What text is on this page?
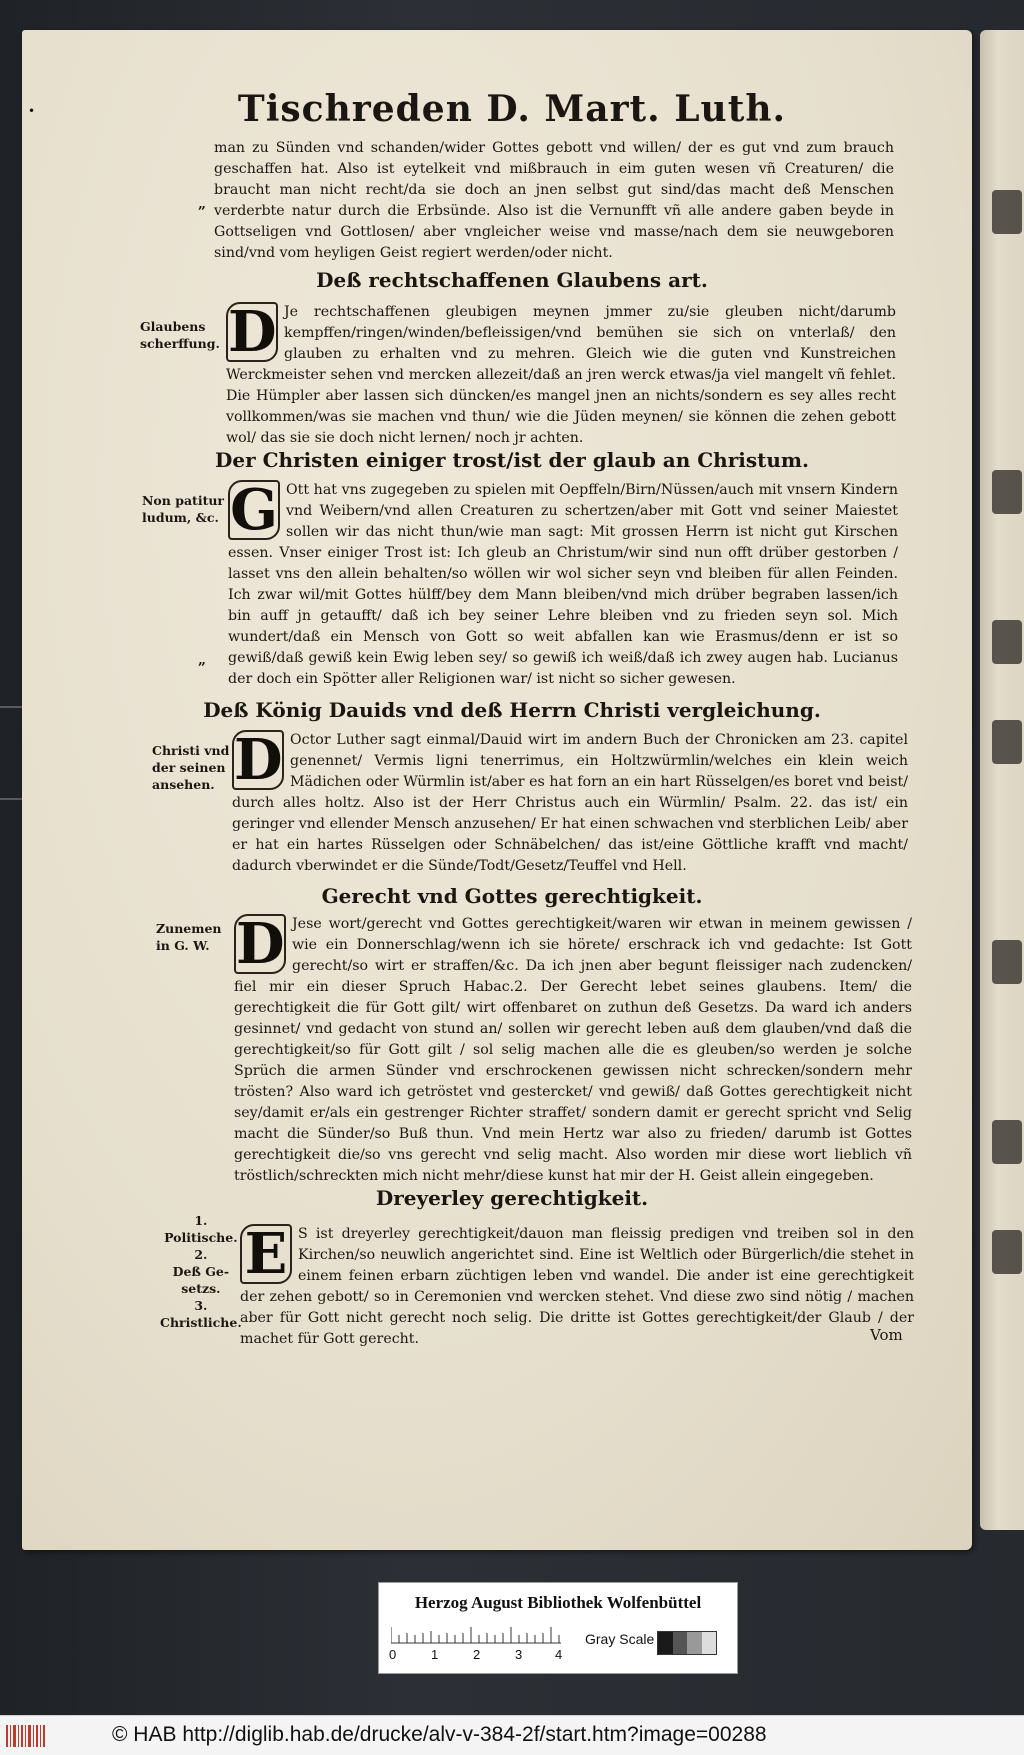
•	Tischreden D. Mart. Luth.
man zu Sünden vnd schanden/wider Gottes gebott vnd willen/ der es gut vnd zum brauch geschaffen hat. Also ist eytelkeit vnd mißbrauch in eim guten wesen vñ Creaturen/ die braucht man nicht recht/da sie doch an jnen selbst gut sind/das macht deß Menschen verderbte natur durch die Erbsünde. Also ist die Vernunfft vñ alle andere gaben beyde in Gottseligen vnd Gottlosen/ aber vngleicher weise vnd masse/nach dem sie neuwgeboren sind/vnd vom heyligen Geist regiert werden/oder nicht.
„
Deß rechtschaffenen Glaubens art.
Glaubens
scherffung. D Je rechtschaffenen gleubigen meynen jmmer zu/sie gleuben nicht/darumb kempffen/ringen/winden/befleissigen/vnd bemühen sie sich on vnterlaß/ den glauben zu erhalten vnd zu mehren. Gleich wie die guten vnd Kunstreichen Werckmeister sehen vnd mercken allezeit/daß an jren werck etwas/ja viel mangelt vñ fehlet. Die Hümpler aber lassen sich düncken/es mangel jnen an nichts/sondern es sey alles recht vollkommen/was sie machen vnd thun/ wie die Jüden meynen/ sie können die zehen gebott wol/ das sie sie doch nicht lernen/ noch jr achten.
Der Christen einiger trost/ist der glaub an Christum.
Non patitur
ludum, &c. G Ott hat vns zugegeben zu spielen mit Oepffeln/Birn/Nüssen/auch mit vnsern Kindern vnd Weibern/vnd allen Creaturen zu schertzen/aber mit Gott vnd seiner Maiestet sollen wir das nicht thun/wie man sagt: Mit grossen Herrn ist nicht gut Kirschen essen. Vnser einiger Trost ist: Ich gleub an Christum/wir sind nun offt drüber gestorben / lasset vns den allein behalten/so wöllen wir wol sicher seyn vnd bleiben für allen Feinden. Ich zwar wil/mit Gottes hülff/bey dem Mann bleiben/vnd mich drüber begraben lassen/ich bin auff jn getaufft/ daß ich bey seiner Lehre bleiben vnd zu frieden seyn sol. Mich wundert/daß ein Mensch von Gott so weit abfallen kan wie Erasmus/denn er ist so gewiß/daß gewiß kein Ewig leben sey/ so gewiß ich weiß/daß ich zwey augen hab. Lucianus der doch ein Spötter aller Religionen war/ ist nicht so sicher gewesen.
„
Deß König Dauids vnd deß Herrn Christi vergleichung.
Christi vnd
der seinen
ansehen. D Octor Luther sagt einmal/Dauid wirt im andern Buch der Chronicken am 23. capitel genennet/ Vermis ligni tenerrimus, ein Holtzwürmlin/welches ein klein weich Mädichen oder Würmlin ist/aber es hat forn an ein hart Rüsselgen/es boret vnd beist/ durch alles holtz. Also ist der Herr Christus auch ein Würmlin/ Psalm. 22. das ist/ ein geringer vnd ellender Mensch anzusehen/ Er hat einen schwachen vnd sterblichen Leib/ aber er hat ein hartes Rüsselgen oder Schnäbelchen/ das ist/eine Göttliche krafft vnd macht/ dadurch vberwindet er die Sünde/Todt/Gesetz/Teuffel vnd Hell.
Gerecht vnd Gottes gerechtigkeit.
Zunemen
in G. W. D Jese wort/gerecht vnd Gottes gerechtigkeit/waren wir etwan in meinem gewissen / wie ein Donnerschlag/wenn ich sie hörete/ erschrack ich vnd gedachte: Ist Gott gerecht/so wirt er straffen/&c. Da ich jnen aber begunt fleissiger nach zudencken/ fiel mir ein dieser Spruch Habac.2. Der Gerecht lebet seines glaubens. Item/ die gerechtigkeit die für Gott gilt/ wirt offenbaret on zuthun deß Gesetzs. Da ward ich anders gesinnet/ vnd gedacht von stund an/ sollen wir gerecht leben auß dem glauben/vnd daß die gerechtigkeit/so für Gott gilt / sol selig machen alle die es gleuben/so werden je solche Sprüch die armen Sünder vnd erschrockenen gewissen nicht schrecken/sondern mehr trösten? Also ward ich getröstet vnd gestercket/ vnd gewiß/ daß Gottes gerechtigkeit nicht sey/damit er/als ein gestrenger Richter straffet/ sondern damit er gerecht spricht vnd Selig macht die Sünder/so Buß thun. Vnd mein Hertz war also zu frieden/ darumb ist Gottes gerechtigkeit die/so vns gerecht vnd selig macht. Also worden mir diese wort lieblich vñ tröstlich/schreckten mich nicht mehr/diese kunst hat mir der H. Geist allein eingegeben.
Dreyerley gerechtigkeit.
1.
Politische.
2.
Deß Ge-
setzs.
3.
Christliche.
E S ist dreyerley gerechtigkeit/dauon man fleissig predigen vnd treiben sol in den Kirchen/so neuwlich angerichtet sind. Eine ist Weltlich oder Bürgerlich/die stehet in einem feinen erbarn züchtigen leben vnd wandel. Die ander ist eine gerechtigkeit der zehen gebott/ so in Ceremonien vnd wercken stehet. Vnd diese zwo sind nötig / machen aber für Gott nicht gerecht noch selig. Die dritte ist Gottes gerechtigkeit/der Glaub / der machet für Gott gerecht.	Vom
Herzog August Bibliothek Wolfenbüttel
0	1	2	3	4
Gray Scale
© HAB http://diglib.hab.de/drucke/alv-v-384-2f/start.htm?image=00288
